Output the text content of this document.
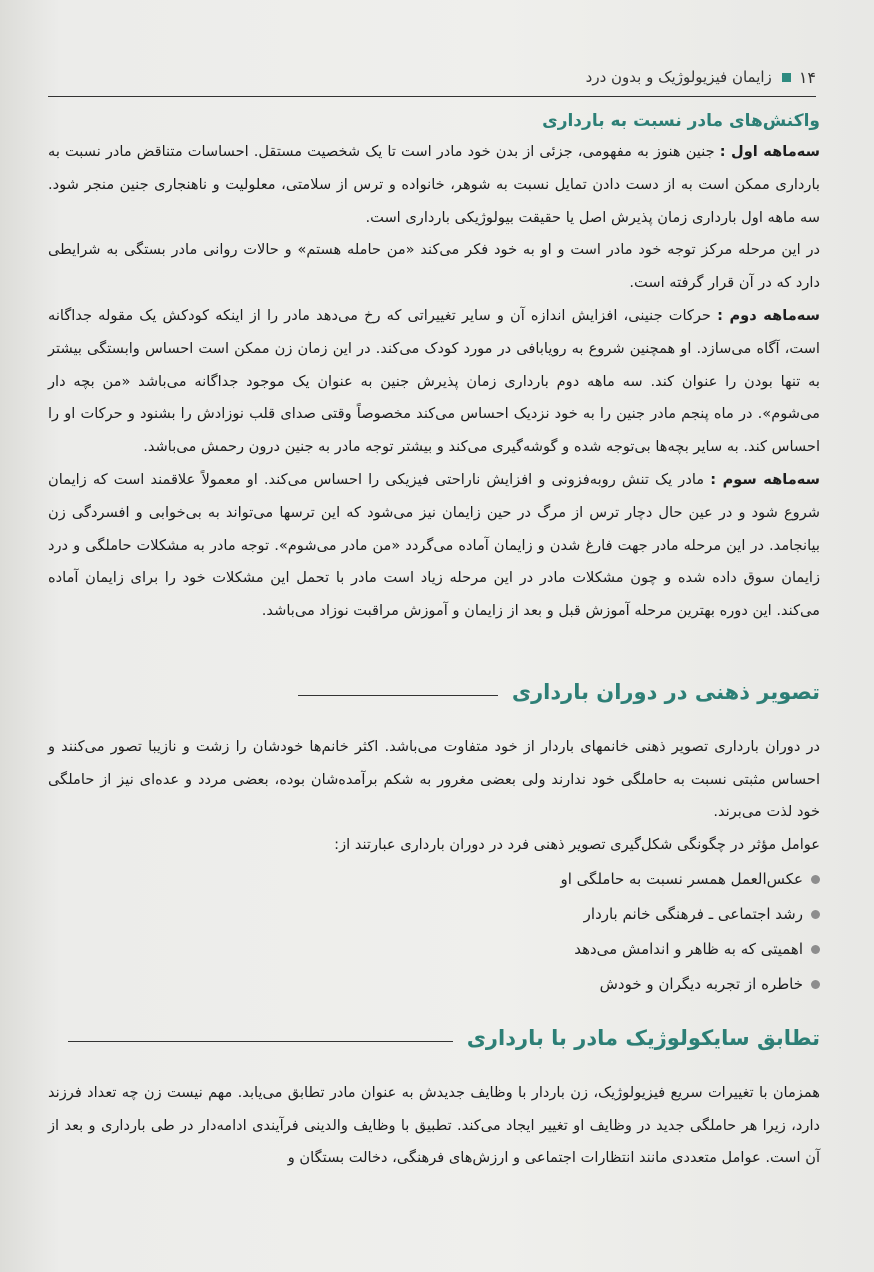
۱۴
زایمان فیزیولوژیک و بدون درد
واکنش‌های مادر نسبت به بارداری

سه‌ماهه اول : جنین هنوز به مفهومی، جزئی از بدن خود مادر است تا یک شخصیت مستقل. احساسات متناقض مادر نسبت به بارداری ممکن است به از دست دادن تمایل نسبت به شوهر، خانواده و ترس از سلامتی، معلولیت و ناهنجاری جنین منجر شود. سه ماهه اول بارداری زمان پذیرش اصل یا حقیقت بیولوژیکی بارداری است.

در این مرحله مرکز توجه خود مادر است و او به خود فکر می‌کند «من حامله هستم» و حالات روانی مادر بستگی به شرایطی دارد که در آن قرار گرفته است.

سه‌ماهه دوم : حرکات جنینی، افزایش اندازه آن و سایر تغییراتی که رخ می‌دهد مادر را از اینکه کودکش یک مقوله جداگانه است، آگاه می‌سازد. او همچنین شروع به رویابافی در مورد کودک می‌کند. در این زمان زن ممکن است احساس وابستگی بیشتر به تنها بودن را عنوان کند. سه ماهه دوم بارداری زمان پذیرش جنین به عنوان یک موجود جداگانه می‌باشد «من بچه دار می‌شوم». در ماه پنجم مادر جنین را به خود نزدیک احساس می‌کند مخصوصاً وقتی صدای قلب نوزادش را بشنود و حرکات او را احساس کند. به سایر بچه‌ها بی‌توجه شده و گوشه‌گیری می‌کند و بیشتر توجه مادر به جنین درون رحمش می‌باشد.

سه‌ماهه سوم : مادر یک تنش روبه‌فزونی و افزایش ناراحتی فیزیکی را احساس می‌کند. او معمولاً علاقمند است که زایمان شروع شود و در عین حال دچار ترس از مرگ در حین زایمان نیز می‌شود که این ترسها می‌تواند به بی‌خوابی و افسردگی زن بیانجامد. در این مرحله مادر جهت فارغ شدن و زایمان آماده می‌گردد «من مادر می‌شوم». توجه مادر به مشکلات حاملگی و درد زایمان سوق داده شده و چون مشکلات مادر در این مرحله زیاد است مادر با تحمل این مشکلات خود را برای زایمان آماده می‌کند. این دوره بهترین مرحله آموزش قبل و بعد از زایمان و آموزش مراقبت نوزاد می‌باشد.

تصویر ذهنی در دوران بارداری

در دوران بارداری تصویر ذهنی خانمهای باردار از خود متفاوت می‌باشد. اکثر خانم‌ها خودشان را زشت و نازیبا تصور می‌کنند و احساس مثبتی نسبت به حاملگی خود ندارند ولی بعضی مغرور به شکم برآمده‌شان بوده، بعضی مردد و عده‌ای نیز از حاملگی خود لذت می‌برند.

عوامل مؤثر در چگونگی شکل‌گیری تصویر ذهنی فرد در دوران بارداری عبارتند از:

عکس‌العمل همسر نسبت به حاملگی او
رشد اجتماعی ـ فرهنگی خانم باردار
اهمیتی که به ظاهر و اندامش می‌دهد
خاطره از تجربه دیگران و خودش
تطابق سایکولوژیک مادر با بارداری

همزمان با تغییرات سریع فیزیولوژیک، زن باردار با وظایف جدیدش به عنوان مادر تطابق می‌یابد. مهم نیست زن چه تعداد فرزند دارد، زیرا هر حاملگی جدید در وظایف او تغییر ایجاد می‌کند. تطبیق با وظایف والدینی فرآیندی ادامه‌دار در طی بارداری و بعد از آن است. عوامل متعددی مانند انتظارات اجتماعی و ارزش‌های فرهنگی، دخالت بستگان و
